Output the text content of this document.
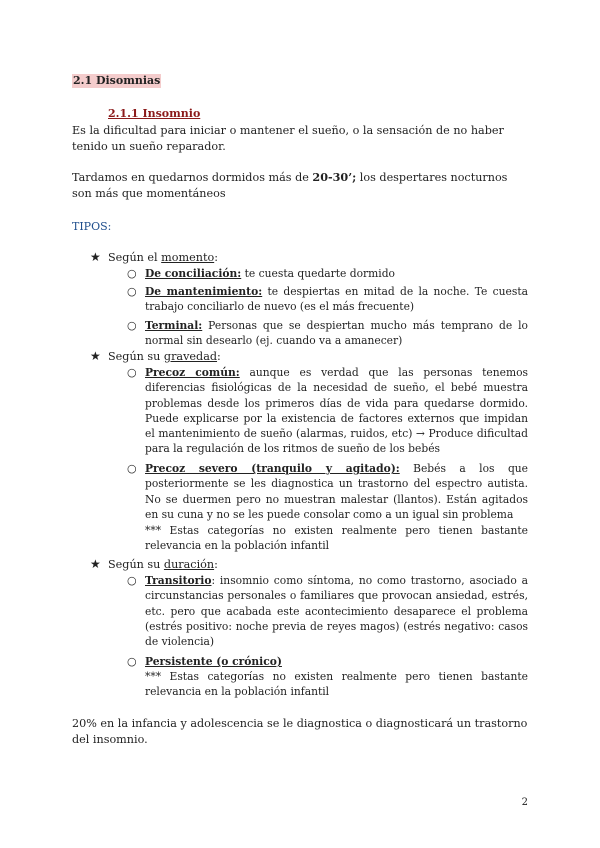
2.1 Disomnias
2.1.1 Insomnio
Es la dificultad para iniciar o mantener el sueño, o la sensación de no haber tenido un sueño reparador.
Tardamos en quedarnos dormidos más de 20-30’; los despertares nocturnos son más que momentáneos
TIPOS:
★ Según el momento:
○ De conciliación: te cuesta quedarte dormido
○ De mantenimiento: te despiertas en mitad de la noche. Te cuesta trabajo conciliarlo de nuevo (es el más frecuente)
○ Terminal: Personas que se despiertan mucho más temprano de lo normal sin desearlo (ej. cuando va a amanecer)
★ Según su gravedad:
○ Precoz común: aunque es verdad que las personas tenemos diferencias fisiológicas de la necesidad de sueño, el bebé muestra problemas desde los primeros días de vida para quedarse dormido. Puede explicarse por la existencia de factores externos que impidan el mantenimiento de sueño (alarmas, ruidos, etc) → Produce dificultad para la regulación de los ritmos de sueño de los bebés
○ Precoz severo (tranquilo y agitado): Bebés a los que posteriormente se les diagnostica un trastorno del espectro autista. No se duermen pero no muestran malestar (llantos). Están agitados en su cuna y no se les puede consolar como a un igual sin problema
*** Estas categorías no existen realmente pero tienen bastante relevancia en la población infantil
★ Según su duración:
○ Transitorio: insomnio como síntoma, no como trastorno, asociado a circunstancias personales o familiares que provocan ansiedad, estrés, etc. pero que acabada este acontecimiento desaparece el problema (estrés positivo: noche previa de reyes magos) (estrés negativo: casos de violencia)
○ Persistente (o crónico)
*** Estas categorías no existen realmente pero tienen bastante relevancia en la población infantil
20% en la infancia y adolescencia se le diagnostica o diagnosticará un trastorno del insomnio.
2
